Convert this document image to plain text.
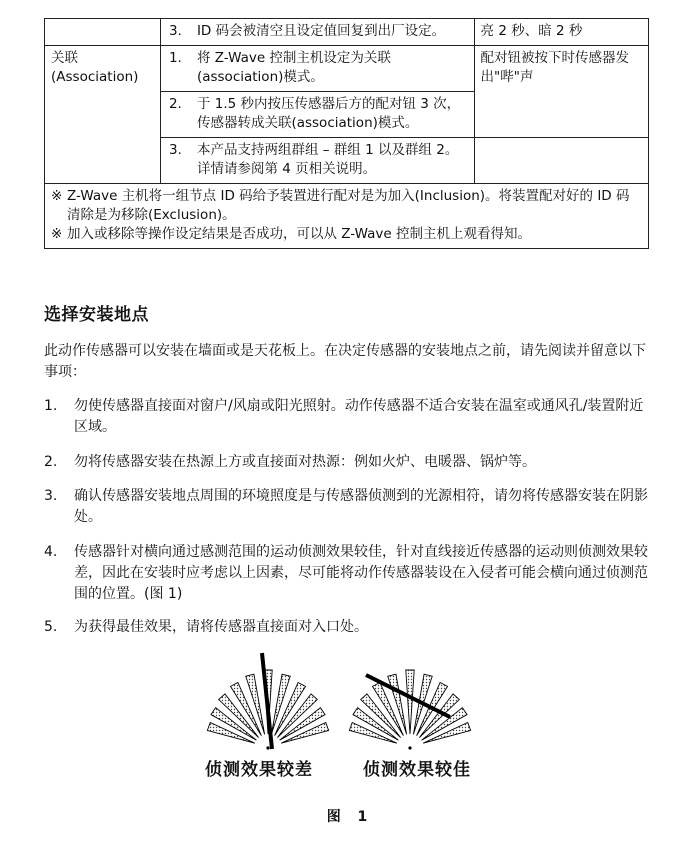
	3. ID 码会被清空且设定值回复到出厂设定。	亮 2 秒、暗 2 秒
关联
(Association)	1. 将 Z-Wave 控制主机设定为关联(association)模式。	配对钮被按下时传感器发出"哔"声

	2. 于 1.5 秒内按压传感器后方的配对钮 3 次，传感器转成关联(association)模式。	

	3. 本产品支持两组群组 – 群组 1 以及群组 2。详情请参阅第 4 页相关说明。	

※ Z-Wave 主机将一组节点 ID 码给予装置进行配对是为加入(Inclusion)。将装置配对好的 ID 码清除是为移除(Exclusion)。
※ 加入或移除等操作设定结果是否成功，可以从 Z-Wave 控制主机上观看得知。		
选择安装地点
此动作传感器可以安装在墙面或是天花板上。在决定传感器的安装地点之前，请先阅读并留意以下事项：
1.	勿使传感器直接面对窗户/风扇或阳光照射。动作传感器不适合安装在温室或通风孔/装置附近区域。
2.	勿将传感器安装在热源上方或直接面对热源：例如火炉、电暖器、锅炉等。
3.	确认传感器安装地点周围的环境照度是与传感器侦测到的光源相符，请勿将传感器安装在阴影处。
4.	传感器针对横向通过感测范围的运动侦测效果较佳，针对直线接近传感器的运动则侦测效果较差，因此在安装时应考虑以上因素，尽可能将动作传感器装设在入侵者可能会横向通过侦测范围的位置。(图 1)
5.	为获得最佳效果，请将传感器直接面对入口处。
侦测效果较差	侦测效果较佳
图 1
